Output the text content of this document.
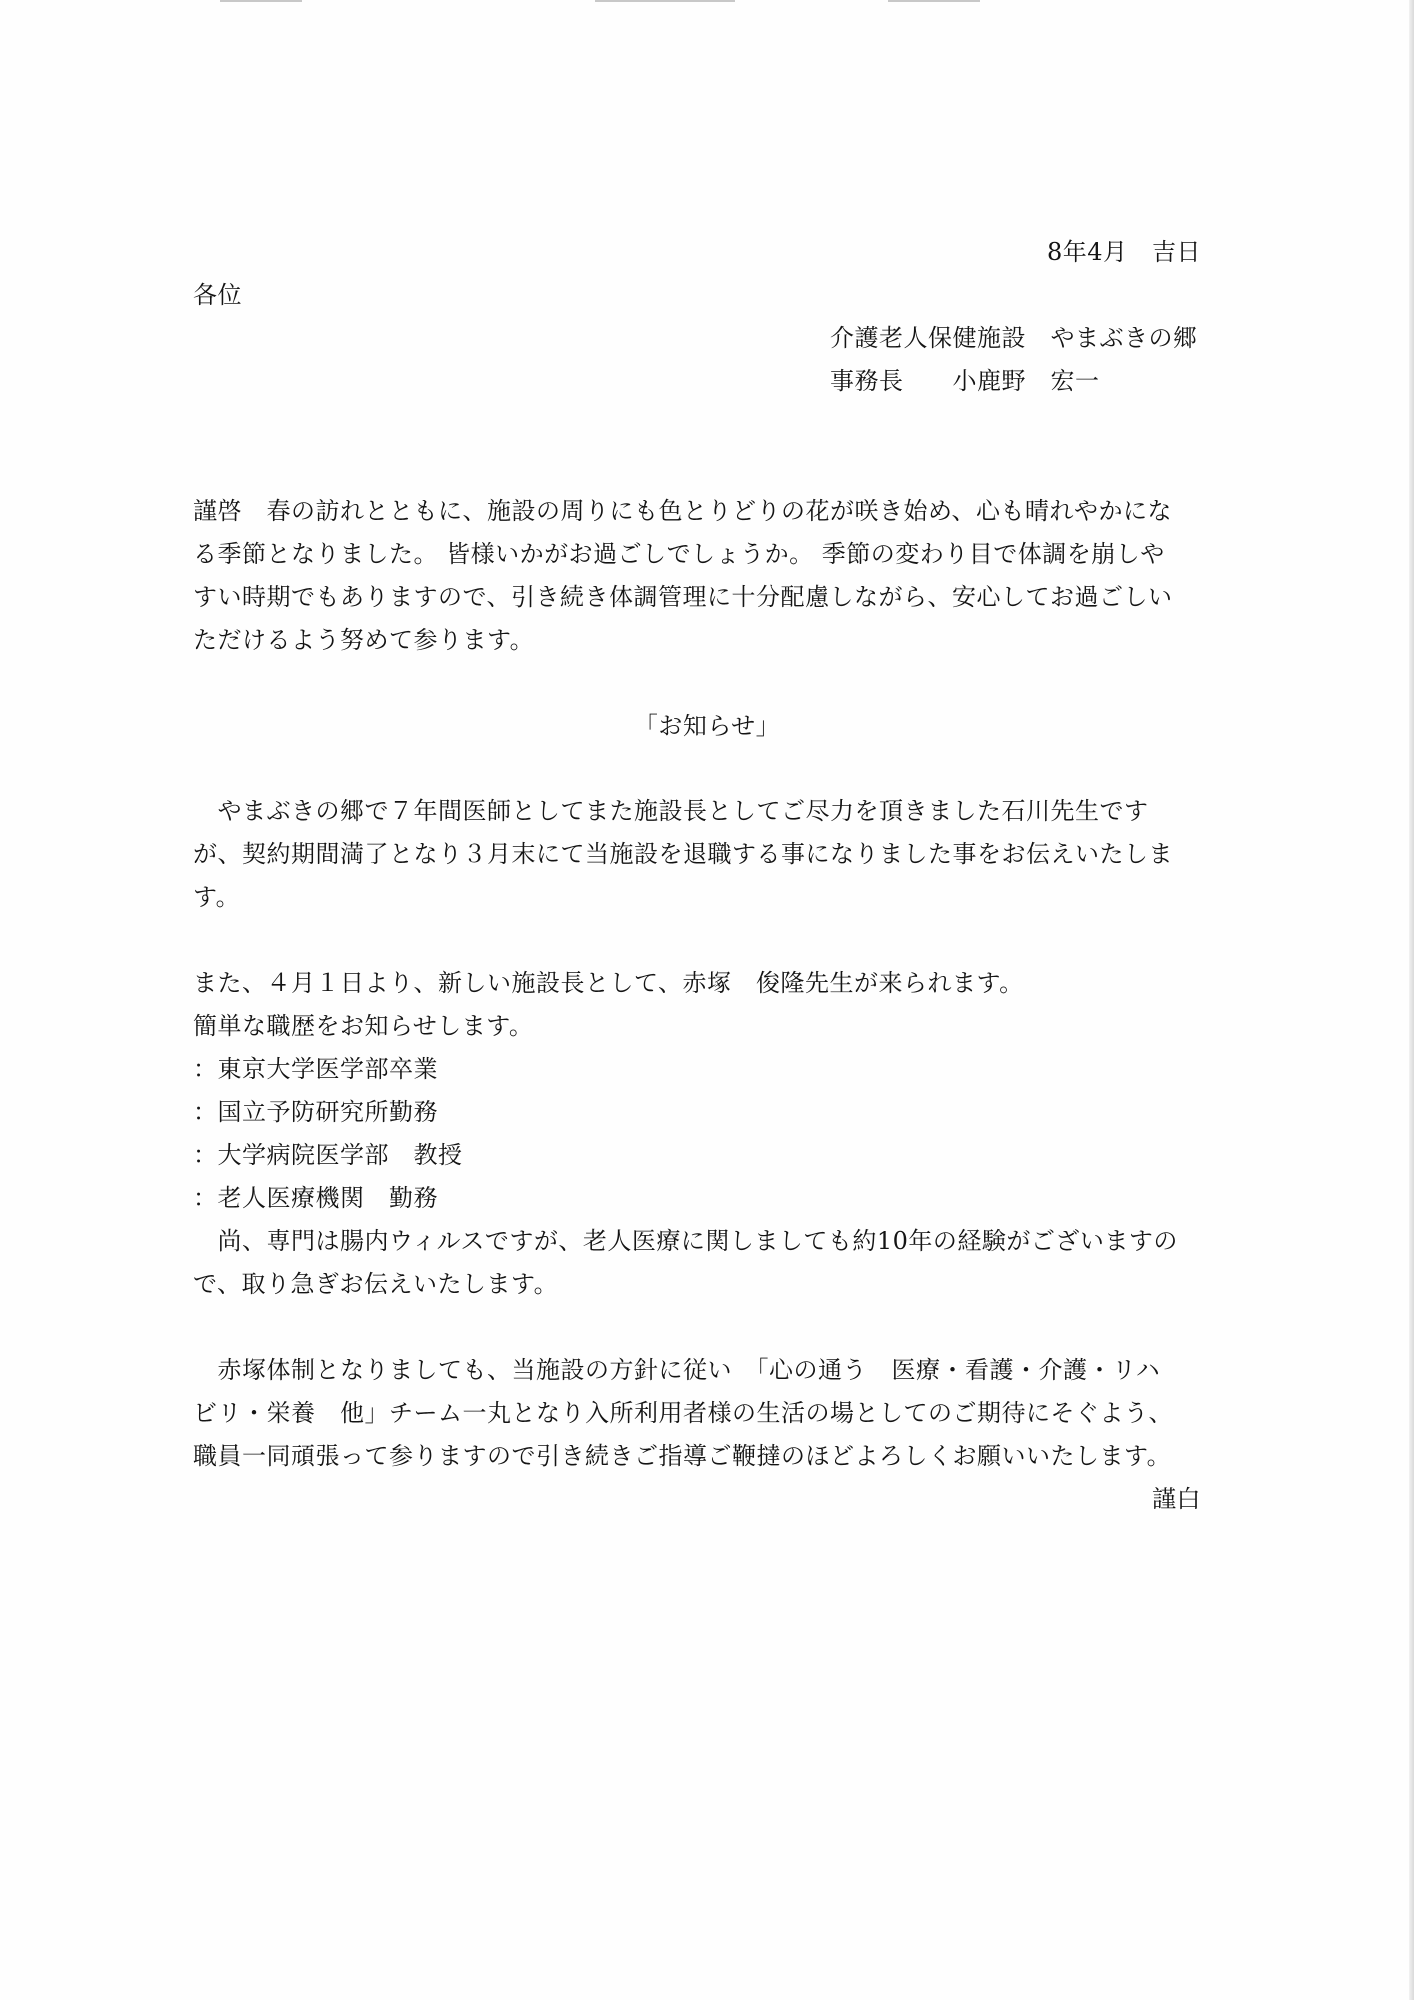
8年4月　吉日
各位
介護老人保健施設　やまぶきの郷
事務長　　小鹿野　宏一
謹啓　春の訪れとともに、施設の周りにも色とりどりの花が咲き始め、心も晴れやかにな
る季節となりました。 皆様いかがお過ごしでしょうか。 季節の変わり目で体調を崩しや
すい時期でもありますので、引き続き体調管理に十分配慮しながら、安心してお過ごしい
ただけるよう努めて参ります。
「お知らせ」
　やまぶきの郷で７年間医師としてまた施設長としてご尽力を頂きました石川先生です
が、契約期間満了となり３月末にて当施設を退職する事になりました事をお伝えいたしま
す。
また、４月１日より、新しい施設長として、赤塚　俊隆先生が来られます。
簡単な職歴をお知らせします。
：東京大学医学部卒業
：国立予防研究所勤務
：大学病院医学部　教授
：老人医療機関　勤務
　尚、専門は腸内ウィルスですが、老人医療に関しましても約10年の経験がございますの
で、取り急ぎお伝えいたします。
　赤塚体制となりましても、当施設の方針に従い　「心の通う　医療・看護・介護・リハ
ビリ・栄養　他」チーム一丸となり入所利用者様の生活の場としてのご期待にそぐよう、
職員一同頑張って参りますので引き続きご指導ご鞭撻のほどよろしくお願いいたします。
謹白
